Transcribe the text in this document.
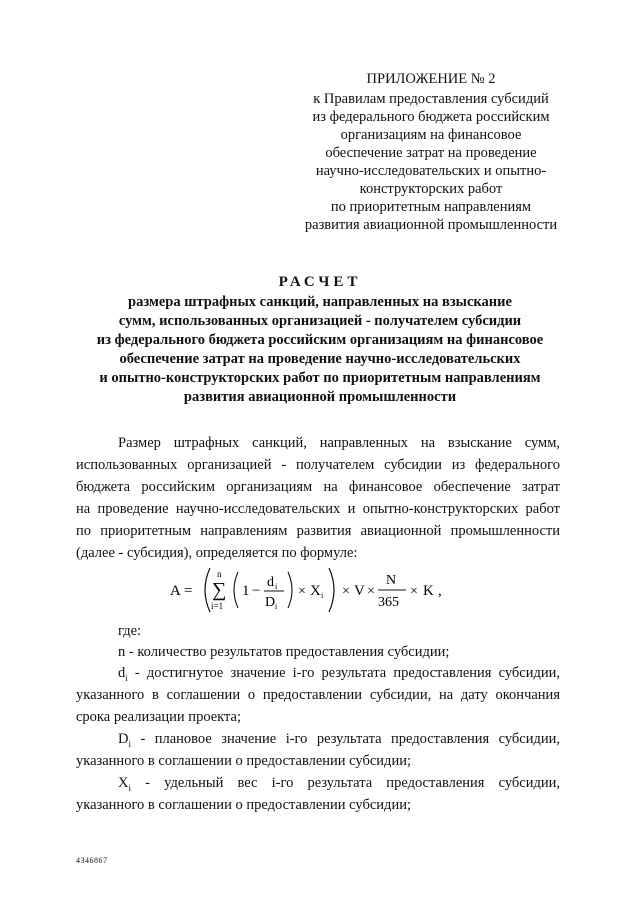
ПРИЛОЖЕНИЕ № 2
к Правилам предоставления субсидий
из федерального бюджета российским
организациям на финансовое
обеспечение затрат на проведение
научно-исследовательских и опытно-
конструкторских работ
по приоритетным направлениям
развития авиационной промышленности
РАСЧЕТ
размера штрафных санкций, направленных на взыскание
сумм, использованных организацией - получателем субсидии
из федерального бюджета российским организациям на финансовое
обеспечение затрат на проведение научно-исследовательских
и опытно-конструкторских работ по приоритетным направлениям
развития авиационной промышленности
Размер штрафных санкций, направленных на взыскание сумм,
использованных организацией - получателем субсидии из федерального
бюджета российским организациям на финансовое обеспечение затрат
на проведение научно-исследовательских и опытно-конструкторских работ
по приоритетным направлениям развития авиационной промышленности
(далее - субсидия), определяется по формуле:
A =
n
∑
i=1
1 −
d i
D i
× X i × V ×
N
365
× K ,
где:
n - количество результатов предоставления субсидии;
$d_i$ - достигнутое значение i-го результата предоставления субсидии,
указанного в соглашении о предоставлении субсидии, на дату окончания
срока реализации проекта;
$D_i$ - плановое значение i-го результата предоставления субсидии,
указанного в соглашении о предоставлении субсидии;
$X_i$ - удельный вес i-го результата предоставления субсидии,
указанного в соглашении о предоставлении субсидии;
4346867
